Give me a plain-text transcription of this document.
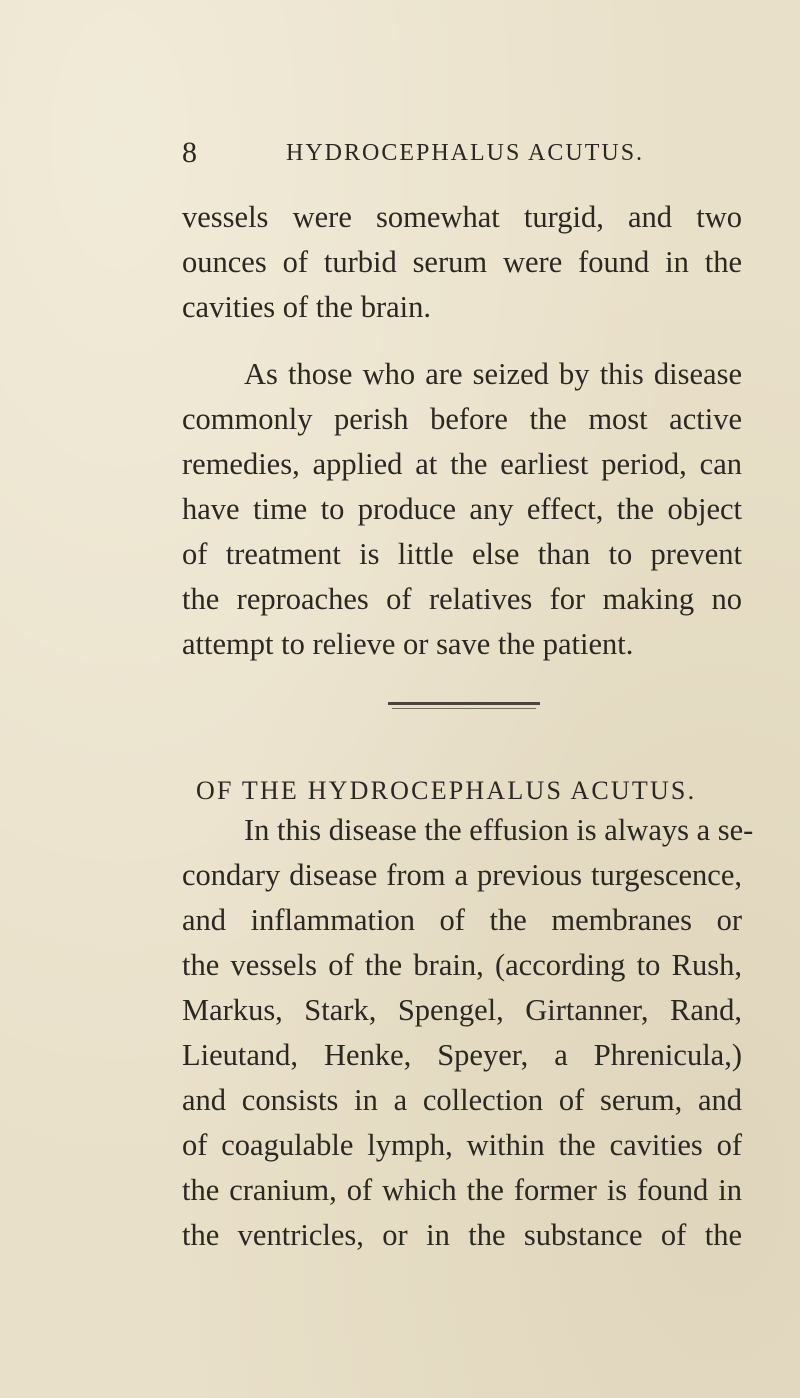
8	HYDROCEPHALUS ACUTUS.
vessels were somewhat turgid, and two
ounces of turbid serum were found in the
cavities of the brain.
As those who are seized by this disease
commonly perish before the most active
remedies, applied at the earliest period, can
have time to produce any effect, the object
of treatment is little else than to prevent
the reproaches of relatives for making no
attempt to relieve or save the patient.
OF THE HYDROCEPHALUS ACUTUS.
In this disease the effusion is always a se-
condary disease from a previous turgescence,
and inflammation of the membranes or
the vessels of the brain, (according to Rush,
Markus, Stark, Spengel, Girtanner, Rand,
Lieutand, Henke, Speyer, a Phrenicula,)
and consists in a collection of serum, and
of coagulable lymph, within the cavities of
the cranium, of which the former is found in
the ventricles, or in the substance of the
